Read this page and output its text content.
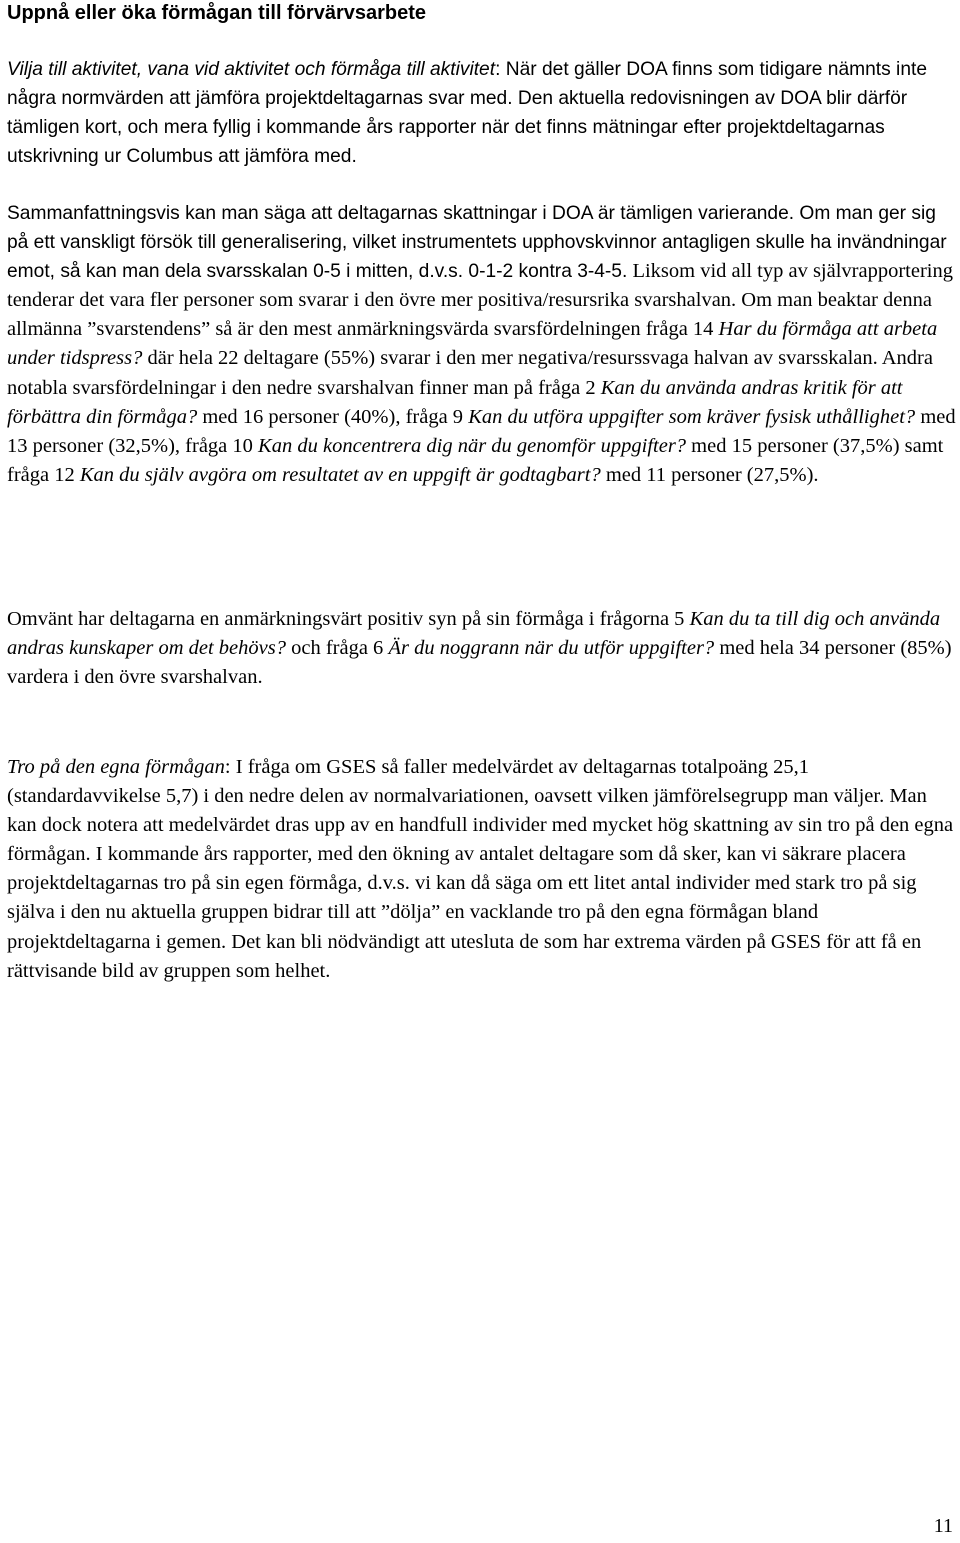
Uppnå eller öka förmågan till förvärvsarbete

Vilja till aktivitet, vana vid aktivitet och förmåga till aktivitet: När det gäller DOA finns som tidigare nämnts inte några normvärden att jämföra projektdeltagarnas svar med. Den aktuella redovisningen av DOA blir därför tämligen kort, och mera fyllig i kommande års rapporter när det finns mätningar efter projektdeltagarnas utskrivning ur Columbus att jämföra med.

Sammanfattningsvis kan man säga att deltagarnas skattningar i DOA är tämligen varierande. Om man ger sig på ett vanskligt försök till generalisering, vilket instrumentets upphovskvinnor antagligen skulle ha invändningar emot, så kan man dela svarsskalan 0-5 i mitten, d.v.s. 0-1-2 kontra 3-4-5. Liksom vid all typ av självrapportering tenderar det vara fler personer som svarar i den övre mer positiva/resursrika svarshalvan. Om man beaktar denna allmänna ”svarstendens” så är den mest anmärkningsvärda svarsfördelningen fråga 14 Har du förmåga att arbeta under tidspress? där hela 22 deltagare (55%) svarar i den mer negativa/resurssvaga halvan av svarsskalan. Andra notabla svarsfördelningar i den nedre svarshalvan finner man på fråga 2 Kan du använda andras kritik för att förbättra din förmåga? med 16 personer (40%), fråga 9 Kan du utföra uppgifter som kräver fysisk uthållighet? med 13 personer (32,5%), fråga 10 Kan du koncentrera dig när du genomför uppgifter? med 15 personer (37,5%) samt fråga 12 Kan du själv avgöra om resultatet av en uppgift är godtagbart? med 11 personer (27,5%).

Omvänt har deltagarna en anmärkningsvärt positiv syn på sin förmåga i frågorna 5 Kan du ta till dig och använda andras kunskaper om det behövs? och fråga 6 Är du noggrann när du utför uppgifter? med hela 34 personer (85%) vardera i den övre svarshalvan.

Tro på den egna förmågan: I fråga om GSES så faller medelvärdet av deltagarnas totalpoäng 25,1 (standardavvikelse 5,7) i den nedre delen av normalvariationen, oavsett vilken jämförelsegrupp man väljer. Man kan dock notera att medelvärdet dras upp av en handfull individer med mycket hög skattning av sin tro på den egna förmågan. I kommande års rapporter, med den ökning av antalet deltagare som då sker, kan vi säkrare placera projektdeltagarnas tro på sin egen förmåga, d.v.s. vi kan då säga om ett litet antal individer med stark tro på sig själva i den nu aktuella gruppen bidrar till att ”dölja” en vacklande tro på den egna förmågan bland projektdeltagarna i gemen. Det kan bli nödvändigt att utesluta de som har extrema värden på GSES för att få en rättvisande bild av gruppen som helhet.

11
